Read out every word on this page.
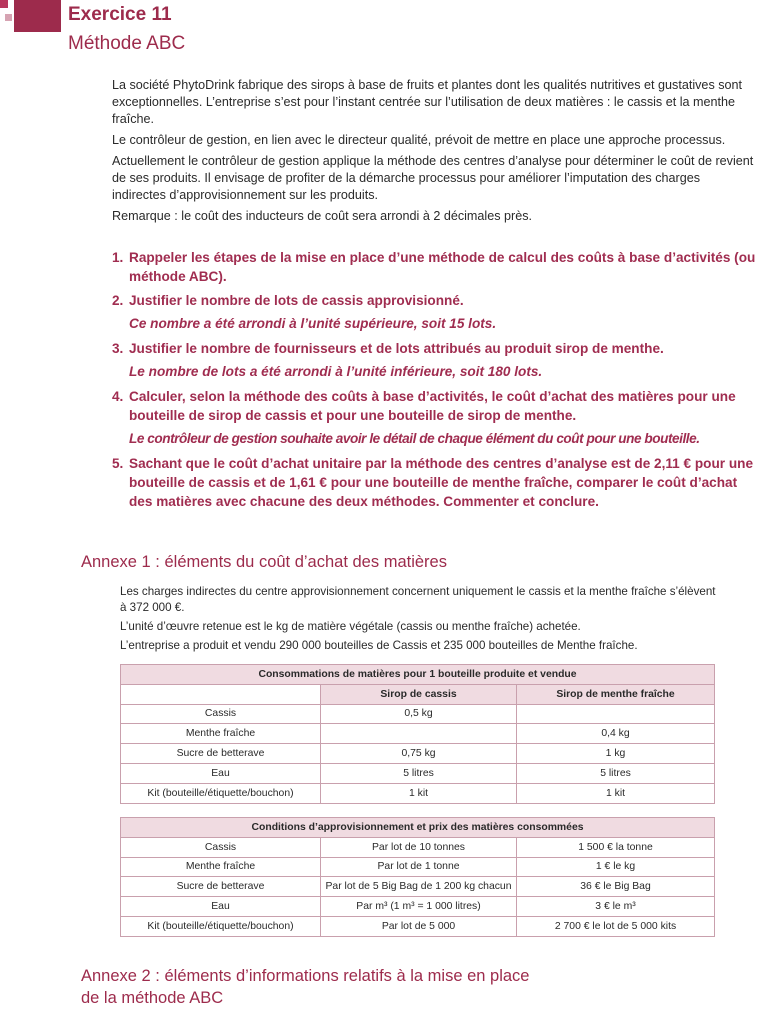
Exercice 11
Méthode ABC

La société PhytoDrink fabrique des sirops à base de fruits et plantes dont les qualités nutritives et gustatives sont exceptionnelles. L’entreprise s’est pour l’instant centrée sur l’utilisation de deux matières : le cassis et la menthe fraîche.

Le contrôleur de gestion, en lien avec le directeur qualité, prévoit de mettre en place une approche processus.

Actuellement le contrôleur de gestion applique la méthode des centres d’analyse pour déterminer le coût de revient de ses produits. Il envisage de profiter de la démarche processus pour améliorer l’imputation des charges indirectes d’approvisionnement sur les produits.

Remarque : le coût des inducteurs de coût sera arrondi à 2 décimales près.

1. Rappeler les étapes de la mise en place d’une méthode de calcul des coûts à base d’activités (ou méthode ABC).
2. Justifier le nombre de lots de cassis approvisionné.
Ce nombre a été arrondi à l’unité supérieure, soit 15 lots.
3. Justifier le nombre de fournisseurs et de lots attribués au produit sirop de menthe.
Le nombre de lots a été arrondi à l’unité inférieure, soit 180 lots.
4. Calculer, selon la méthode des coûts à base d’activités, le coût d’achat des matières pour une bouteille de sirop de cassis et pour une bouteille de sirop de menthe.
Le contrôleur de gestion souhaite avoir le détail de chaque élément du coût pour une bouteille.
5. Sachant que le coût d’achat unitaire par la méthode des centres d’analyse est de 2,11 € pour une bouteille de cassis et de 1,61 € pour une bouteille de menthe fraîche, comparer le coût d’achat des matières avec chacune des deux méthodes. Commenter et conclure.
Annexe 1 : éléments du coût d’achat des matières

Les charges indirectes du centre approvisionnement concernent uniquement le cassis et la menthe fraîche s’élèvent à 372 000 €.

L’unité d’œuvre retenue est le kg de matière végétale (cassis ou menthe fraîche) achetée.

L’entreprise a produit et vendu 290 000 bouteilles de Cassis et 235 000 bouteilles de Menthe fraîche.

Consommations de matières pour 1 bouteille produite et vendue		
	Sirop de cassis	Sirop de menthe fraîche
Cassis	0,5 kg	
Menthe fraîche		0,4 kg
Sucre de betterave	0,75 kg	1 kg
Eau	5 litres	5 litres
Kit (bouteille/étiquette/bouchon)	1 kit	1 kit
Conditions d’approvisionnement et prix des matières consommées		
Cassis	Par lot de 10 tonnes	1 500 € la tonne
Menthe fraîche	Par lot de 1 tonne	1 € le kg
Sucre de betterave	Par lot de 5 Big Bag de 1 200 kg chacun	36 € le Big Bag
Eau	Par m³ (1 m³ = 1 000 litres)	3 € le m³
Kit (bouteille/étiquette/bouchon)	Par lot de 5 000	2 700 € le lot de 5 000 kits
Annexe 2 : éléments d’informations relatifs à la mise en place
de la méthode ABC
